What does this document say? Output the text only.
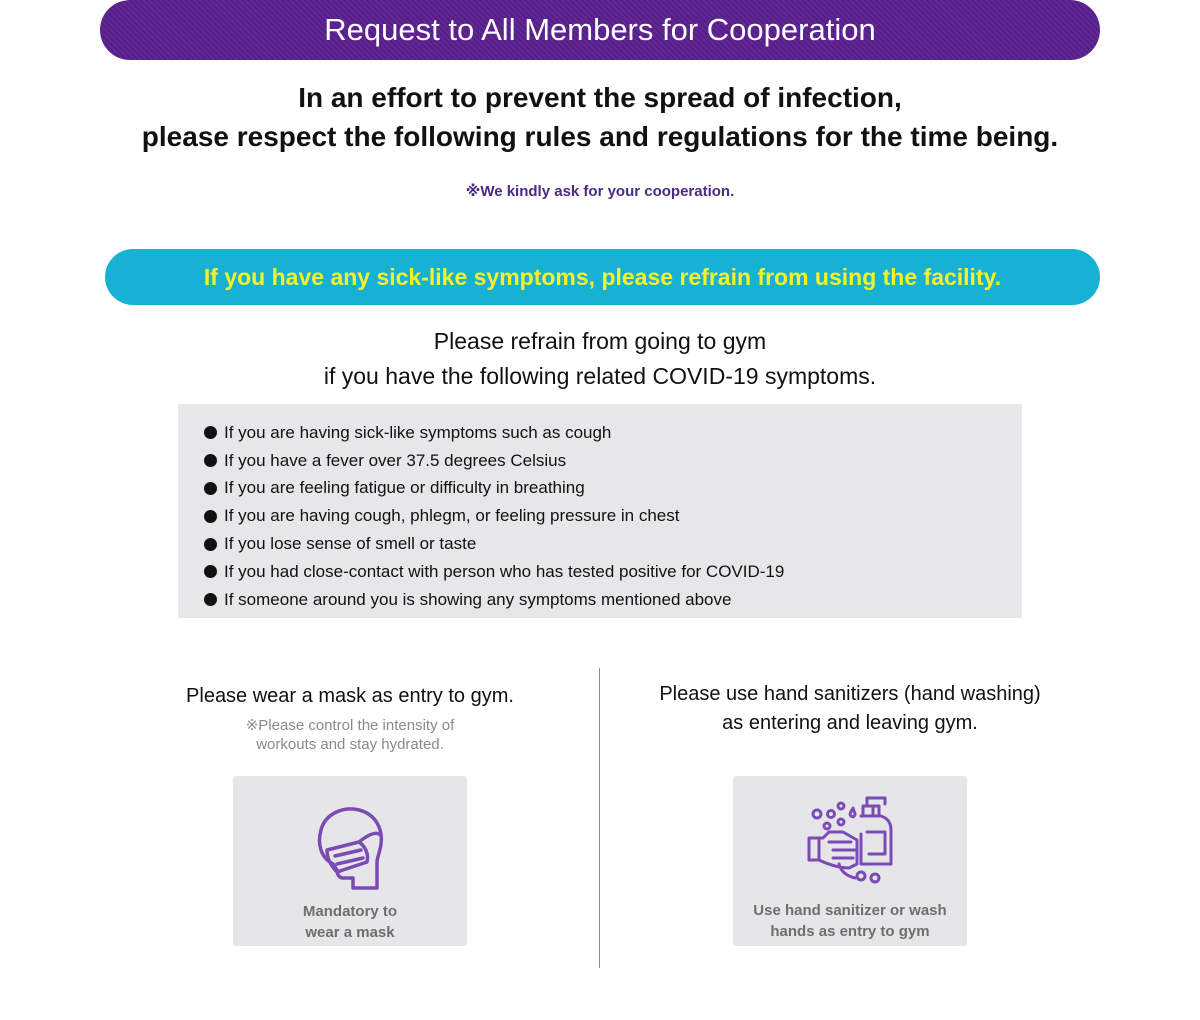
Request to All Members for Cooperation
In an effort to prevent the spread of infection,
please respect the following rules and regulations for the time being.
※We kindly ask for your cooperation.
If you have any sick-like symptoms, please refrain from using the facility.
Please refrain from going to gym
if you have the following related COVID-19 symptoms.
If you are having sick-like symptoms such as cough
If you have a fever over 37.5 degrees Celsius
If you are feeling fatigue or difficulty in breathing
If you are having cough, phlegm, or feeling pressure in chest
If you lose sense of smell or taste
If you had close-contact with person who has tested positive for COVID-19
If someone around you is showing any symptoms mentioned above
Please wear a mask as entry to gym.
※Please control the intensity of
workouts and stay hydrated.
Please use hand sanitizers (hand washing)
as entering and leaving gym.
Mandatory to
wear a mask
Use hand sanitizer or wash
hands as entry to gym
